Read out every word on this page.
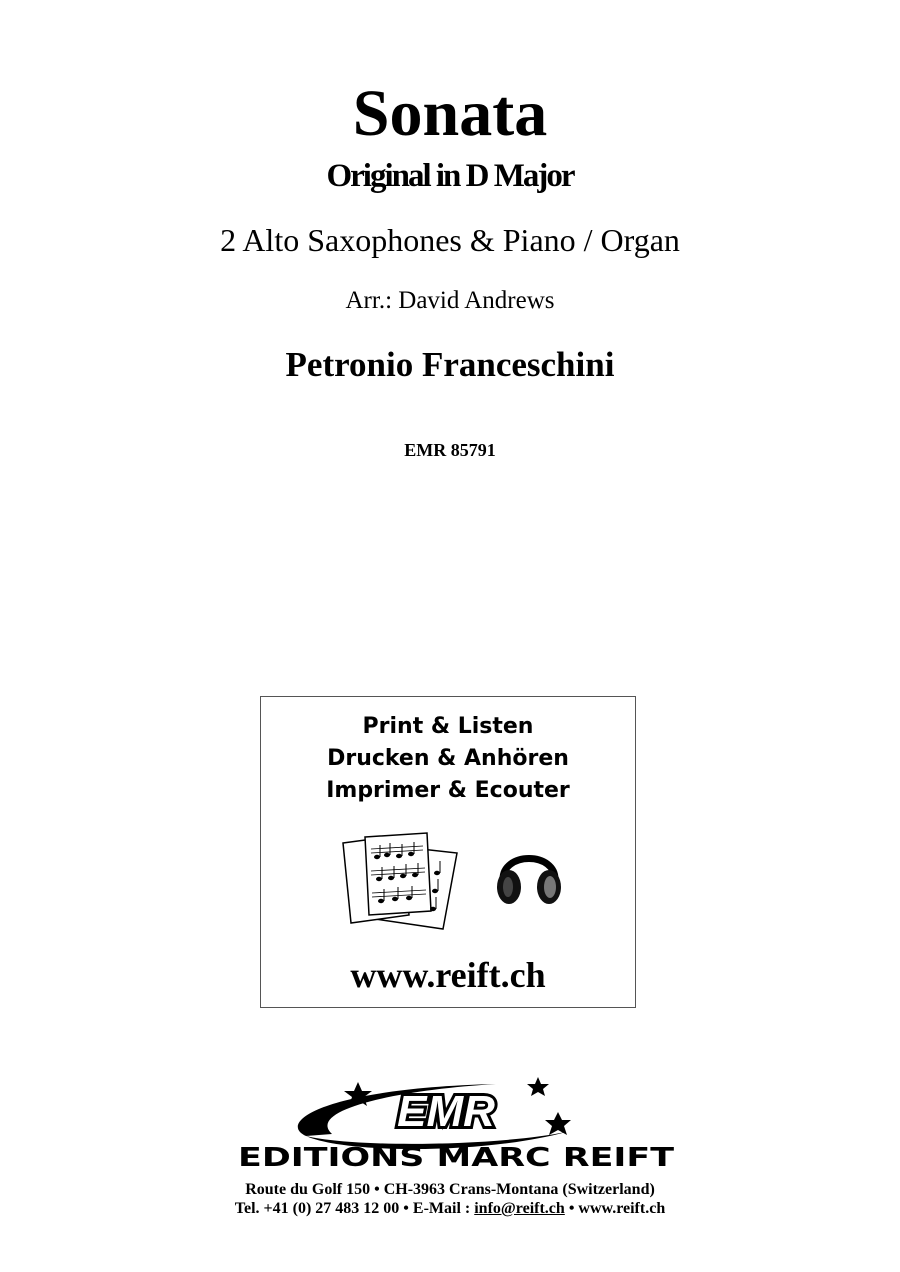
Sonata
Original in D Major
2 Alto Saxophones & Piano / Organ
Arr.: David Andrews
Petronio Franceschini
EMR 85791
Print & Listen
Drucken & Anhören
Imprimer & Ecouter
www.reift.ch
EMR
EDITIONS MARC REIFT
Route du Golf 150 • CH-3963 Crans-Montana (Switzerland)
Tel. +41 (0) 27 483 12 00 • E-Mail : info@reift.ch • www.reift.ch
